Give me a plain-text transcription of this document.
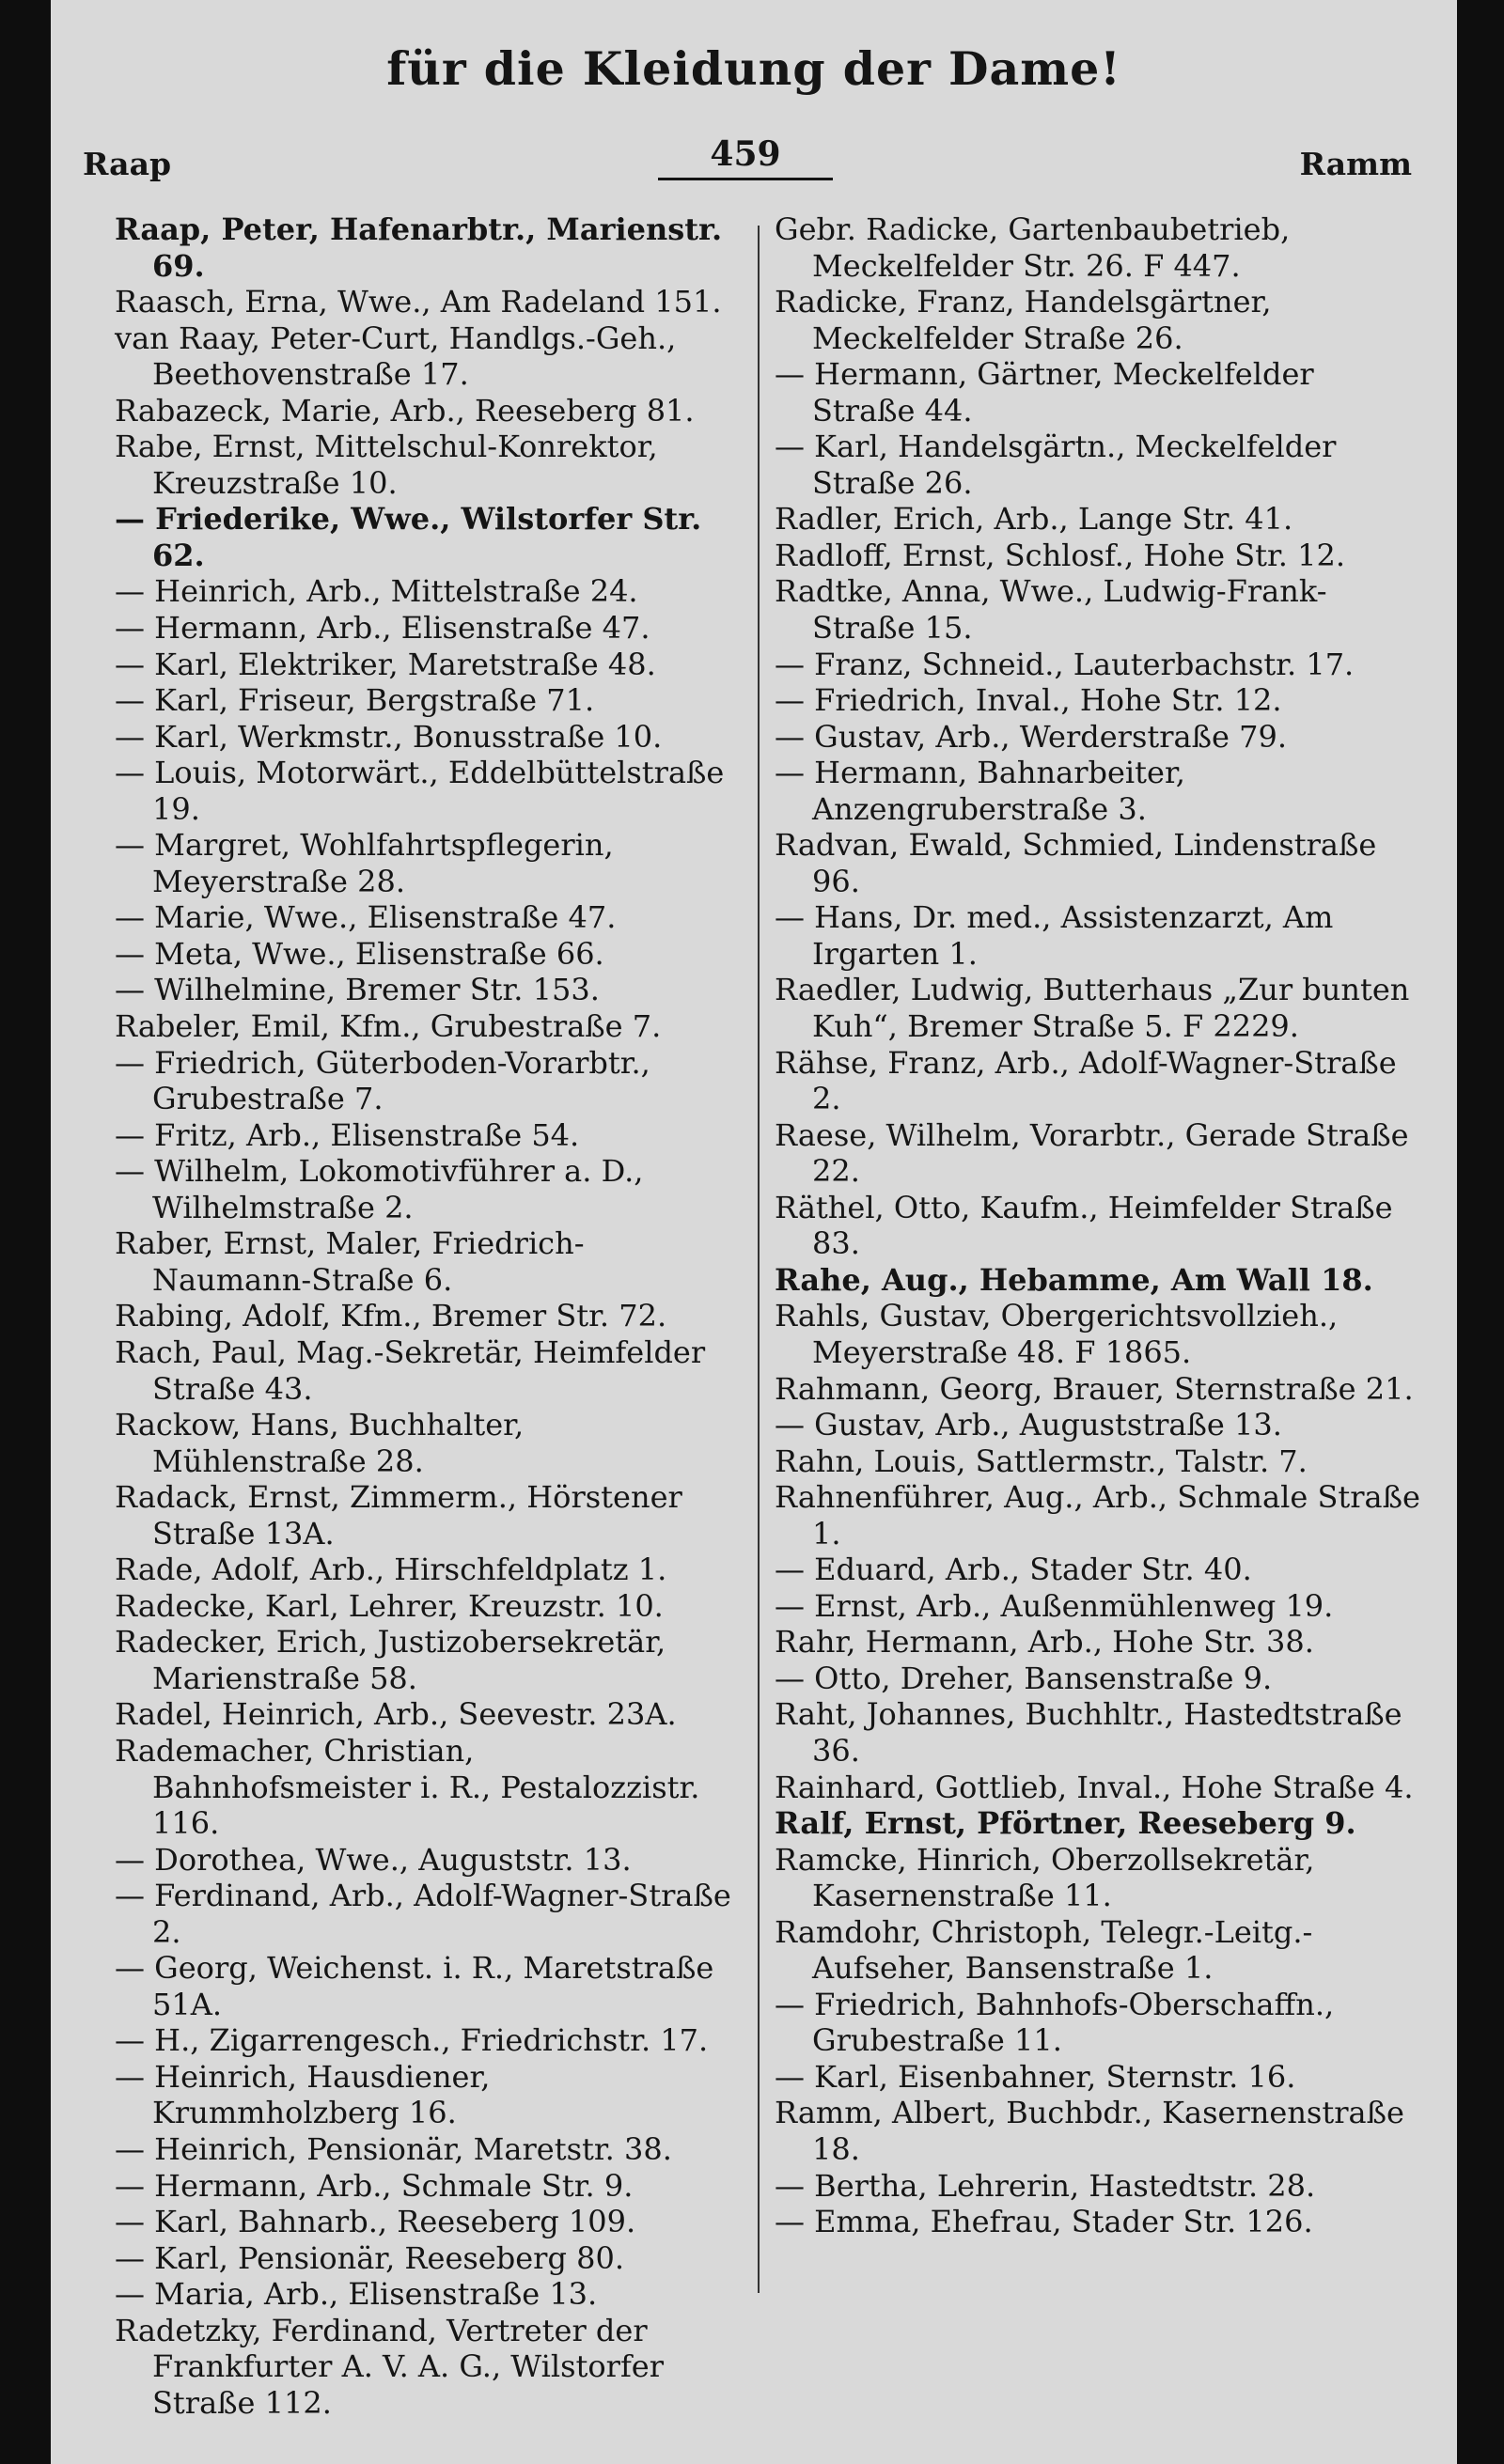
für die Kleidung der Dame!
Raap	459	Ramm
Raap, Peter, Hafenarbtr., Marienstr. 69.
Raasch, Erna, Wwe., Am Radeland 151.
van Raay, Peter-Curt, Handlgs.-Geh., Beethovenstraße 17.
Rabazeck, Marie, Arb., Reeseberg 81.
Rabe, Ernst, Mittelschul-Konrektor, Kreuzstraße 10.
— Friederike, Wwe., Wilstorfer Str. 62.
— Heinrich, Arb., Mittelstraße 24.
— Hermann, Arb., Elisenstraße 47.
— Karl, Elektriker, Maretstraße 48.
— Karl, Friseur, Bergstraße 71.
— Karl, Werkmstr., Bonusstraße 10.
— Louis, Motorwärt., Eddelbüttelstraße 19.
— Margret, Wohlfahrtspflegerin, Meyerstraße 28.
— Marie, Wwe., Elisenstraße 47.
— Meta, Wwe., Elisenstraße 66.
— Wilhelmine, Bremer Str. 153.
Rabeler, Emil, Kfm., Grubestraße 7.
— Friedrich, Güterboden-Vorarbtr., Grubestraße 7.
— Fritz, Arb., Elisenstraße 54.
— Wilhelm, Lokomotivführer a. D., Wilhelmstraße 2.
Raber, Ernst, Maler, Friedrich-Naumann-Straße 6.
Rabing, Adolf, Kfm., Bremer Str. 72.
Rach, Paul, Mag.-Sekretär, Heimfelder Straße 43.
Rackow, Hans, Buchhalter, Mühlenstraße 28.
Radack, Ernst, Zimmerm., Hörstener Straße 13A.
Rade, Adolf, Arb., Hirschfeldplatz 1.
Radecke, Karl, Lehrer, Kreuzstr. 10.
Radecker, Erich, Justizobersekretär, Marienstraße 58.
Radel, Heinrich, Arb., Seevestr. 23A.
Rademacher, Christian, Bahnhofsmeister i. R., Pestalozzistr. 116.
— Dorothea, Wwe., Auguststr. 13.
— Ferdinand, Arb., Adolf-Wagner-Straße 2.
— Georg, Weichenst. i. R., Maretstraße 51A.
— H., Zigarrengesch., Friedrichstr. 17.
— Heinrich, Hausdiener, Krummholzberg 16.
— Heinrich, Pensionär, Maretstr. 38.
— Hermann, Arb., Schmale Str. 9.
— Karl, Bahnarb., Reeseberg 109.
— Karl, Pensionär, Reeseberg 80.
— Maria, Arb., Elisenstraße 13.
Radetzky, Ferdinand, Vertreter der Frankfurter A. V. A. G., Wilstorfer Straße 112.
Gebr. Radicke, Gartenbaubetrieb, Meckelfelder Str. 26. F 447.
Radicke, Franz, Handelsgärtner, Meckelfelder Straße 26.
— Hermann, Gärtner, Meckelfelder Straße 44.
— Karl, Handelsgärtn., Meckelfelder Straße 26.
Radler, Erich, Arb., Lange Str. 41.
Radloff, Ernst, Schlosf., Hohe Str. 12.
Radtke, Anna, Wwe., Ludwig-Frank-Straße 15.
— Franz, Schneid., Lauterbachstr. 17.
— Friedrich, Inval., Hohe Str. 12.
— Gustav, Arb., Werderstraße 79.
— Hermann, Bahnarbeiter, Anzengruberstraße 3.
Radvan, Ewald, Schmied, Lindenstraße 96.
— Hans, Dr. med., Assistenzarzt, Am Irgarten 1.
Raedler, Ludwig, Butterhaus „Zur bunten Kuh“, Bremer Straße 5. F 2229.
Rähse, Franz, Arb., Adolf-Wagner-Straße 2.
Raese, Wilhelm, Vorarbtr., Gerade Straße 22.
Räthel, Otto, Kaufm., Heimfelder Straße 83.
Rahe, Aug., Hebamme, Am Wall 18.
Rahls, Gustav, Obergerichtsvollzieh., Meyerstraße 48. F 1865.
Rahmann, Georg, Brauer, Sternstraße 21.
— Gustav, Arb., Auguststraße 13.
Rahn, Louis, Sattlermstr., Talstr. 7.
Rahnenführer, Aug., Arb., Schmale Straße 1.
— Eduard, Arb., Stader Str. 40.
— Ernst, Arb., Außenmühlenweg 19.
Rahr, Hermann, Arb., Hohe Str. 38.
— Otto, Dreher, Bansenstraße 9.
Raht, Johannes, Buchhltr., Hastedtstraße 36.
Rainhard, Gottlieb, Inval., Hohe Straße 4.
Ralf, Ernst, Pförtner, Reeseberg 9.
Ramcke, Hinrich, Oberzollsekretär, Kasernenstraße 11.
Ramdohr, Christoph, Telegr.-Leitg.-Aufseher, Bansenstraße 1.
— Friedrich, Bahnhofs-Oberschaffn., Grubestraße 11.
— Karl, Eisenbahner, Sternstr. 16.
Ramm, Albert, Buchbdr., Kasernenstraße 18.
— Bertha, Lehrerin, Hastedtstr. 28.
— Emma, Ehefrau, Stader Str. 126.
